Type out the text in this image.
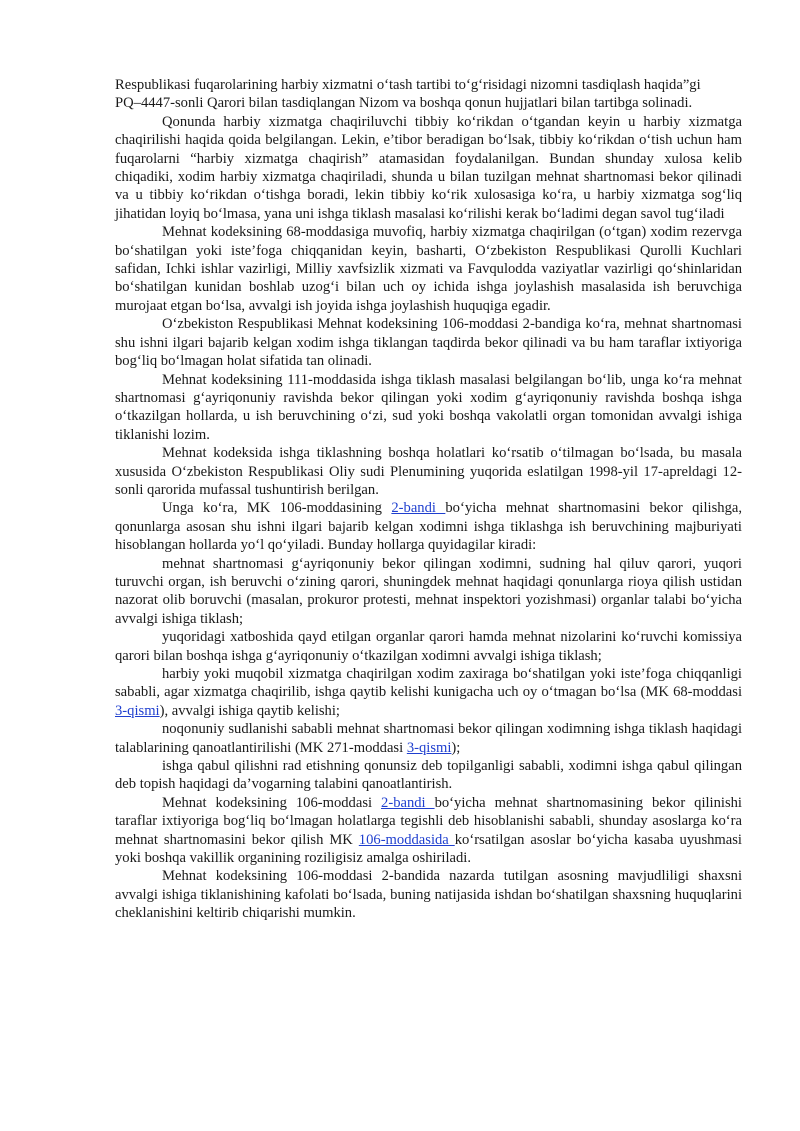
Respublikasi fuqarolarining harbiy xizmatni o‘tash tartibi to‘g‘risidagi nizomni tasdiqlash haqida”gi

PQ–4447-sonli Qarori bilan tasdiqlangan Nizom va boshqa qonun hujjatlari bilan tartibga solinadi.

Qonunda harbiy xizmatga chaqiriluvchi tibbiy ko‘rikdan o‘tgandan keyin u harbiy xizmatga chaqirilishi haqida qoida belgilangan. Lekin, e’tibor beradigan bo‘lsak, tibbiy ko‘rikdan o‘tish uchun ham fuqarolarni “harbiy xizmatga chaqirish” atamasidan foydalanilgan. Bundan shunday xulosa kelib chiqadiki, xodim harbiy xizmatga chaqiriladi, shunda u bilan tuzilgan mehnat shartnomasi bekor qilinadi va u tibbiy ko‘rikdan o‘tishga boradi, lekin tibbiy ko‘rik xulosasiga ko‘ra, u harbiy xizmatga sog‘liq jihatidan loyiq bo‘lmasa, yana uni ishga tiklash masalasi ko‘rilishi kerak bo‘ladimi degan savol tug‘iladi

Mehnat kodeksining 68-moddasiga muvofiq, harbiy xizmatga chaqirilgan (o‘tgan) xodim rezervga bo‘shatilgan yoki iste’foga chiqqanidan keyin, basharti, O‘zbekiston Respublikasi Qurolli Kuchlari safidan, Ichki ishlar vazirligi, Milliy xavfsizlik xizmati va Favqulodda vaziyatlar vazirligi qo‘shinlaridan bo‘shatilgan kunidan boshlab uzog‘i bilan uch oy ichida ishga joylashish masalasida ish beruvchiga murojaat etgan bo‘lsa, avvalgi ish joyida ishga joylashish huquqiga egadir.

O‘zbekiston Respublikasi Mehnat kodeksining 106-moddasi 2-bandiga ko‘ra, mehnat shartnomasi shu ishni ilgari bajarib kelgan xodim ishga tiklangan taqdirda bekor qilinadi va bu ham taraflar ixtiyoriga bog‘liq bo‘lmagan holat sifatida tan olinadi.

Mehnat kodeksining 111-moddasida ishga tiklash masalasi belgilangan bo‘lib, unga ko‘ra mehnat shartnomasi g‘ayriqonuniy ravishda bekor qilingan yoki xodim g‘ayriqonuniy ravishda boshqa ishga o‘tkazilgan hollarda, u ish beruvchining o‘zi, sud yoki boshqa vakolatli organ tomonidan avvalgi ishiga tiklanishi lozim.

Mehnat kodeksida ishga tiklashning boshqa holatlari ko‘rsatib o‘tilmagan bo‘lsada, bu masala xususida O‘zbekiston Respublikasi Oliy sudi Plenumining yuqorida eslatilgan 1998-yil 17-apreldagi 12-sonli qarorida mufassal tushuntirish berilgan.

Unga ko‘ra, MK 106-moddasining 2-bandi bo‘yicha mehnat shartnomasini bekor qilishga, qonunlarga asosan shu ishni ilgari bajarib kelgan xodimni ishga tiklashga ish beruvchining majburiyati hisoblangan hollarda yo‘l qo‘yiladi. Bunday hollarga quyidagilar kiradi:

mehnat shartnomasi g‘ayriqonuniy bekor qilingan xodimni, sudning hal qiluv qarori, yuqori turuvchi organ, ish beruvchi o‘zining qarori, shuningdek mehnat haqidagi qonunlarga rioya qilish ustidan nazorat olib boruvchi (masalan, prokuror protesti, mehnat inspektori yozishmasi) organlar talabi bo‘yicha avvalgi ishiga tiklash;

yuqoridagi xatboshida qayd etilgan organlar qarori hamda mehnat nizolarini ko‘ruvchi komissiya qarori bilan boshqa ishga g‘ayriqonuniy o‘tkazilgan xodimni avvalgi ishiga tiklash;

harbiy yoki muqobil xizmatga chaqirilgan xodim zaxiraga bo‘shatilgan yoki iste’foga chiqqanligi sababli, agar xizmatga chaqirilib, ishga qaytib kelishi kunigacha uch oy o‘tmagan bo‘lsa (MK 68-moddasi 3-qismi), avvalgi ishiga qaytib kelishi;

noqonuniy sudlanishi sababli mehnat shartnomasi bekor qilingan xodimning ishga tiklash haqidagi talablarining qanoatlantirilishi (MK 271-moddasi 3-qismi);

ishga qabul qilishni rad etishning qonunsiz deb topilganligi sababli, xodimni ishga qabul qilingan deb topish haqidagi da’vogarning talabini qanoatlantirish.

Mehnat kodeksining 106-moddasi 2-bandi bo‘yicha mehnat shartnomasining bekor qilinishi taraflar ixtiyoriga bog‘liq bo‘lmagan holatlarga tegishli deb hisoblanishi sababli, shunday asoslarga ko‘ra mehnat shartnomasini bekor qilish MK 106-moddasida ko‘rsatilgan asoslar bo‘yicha kasaba uyushmasi yoki boshqa vakillik organining roziligisiz amalga oshiriladi.

Mehnat kodeksining 106-moddasi 2-bandida nazarda tutilgan asosning mavjudliligi shaxsni avvalgi ishiga tiklanishining kafolati bo‘lsada, buning natijasida ishdan bo‘shatilgan shaxsning huquqlarini cheklanishini keltirib chiqarishi mumkin.
